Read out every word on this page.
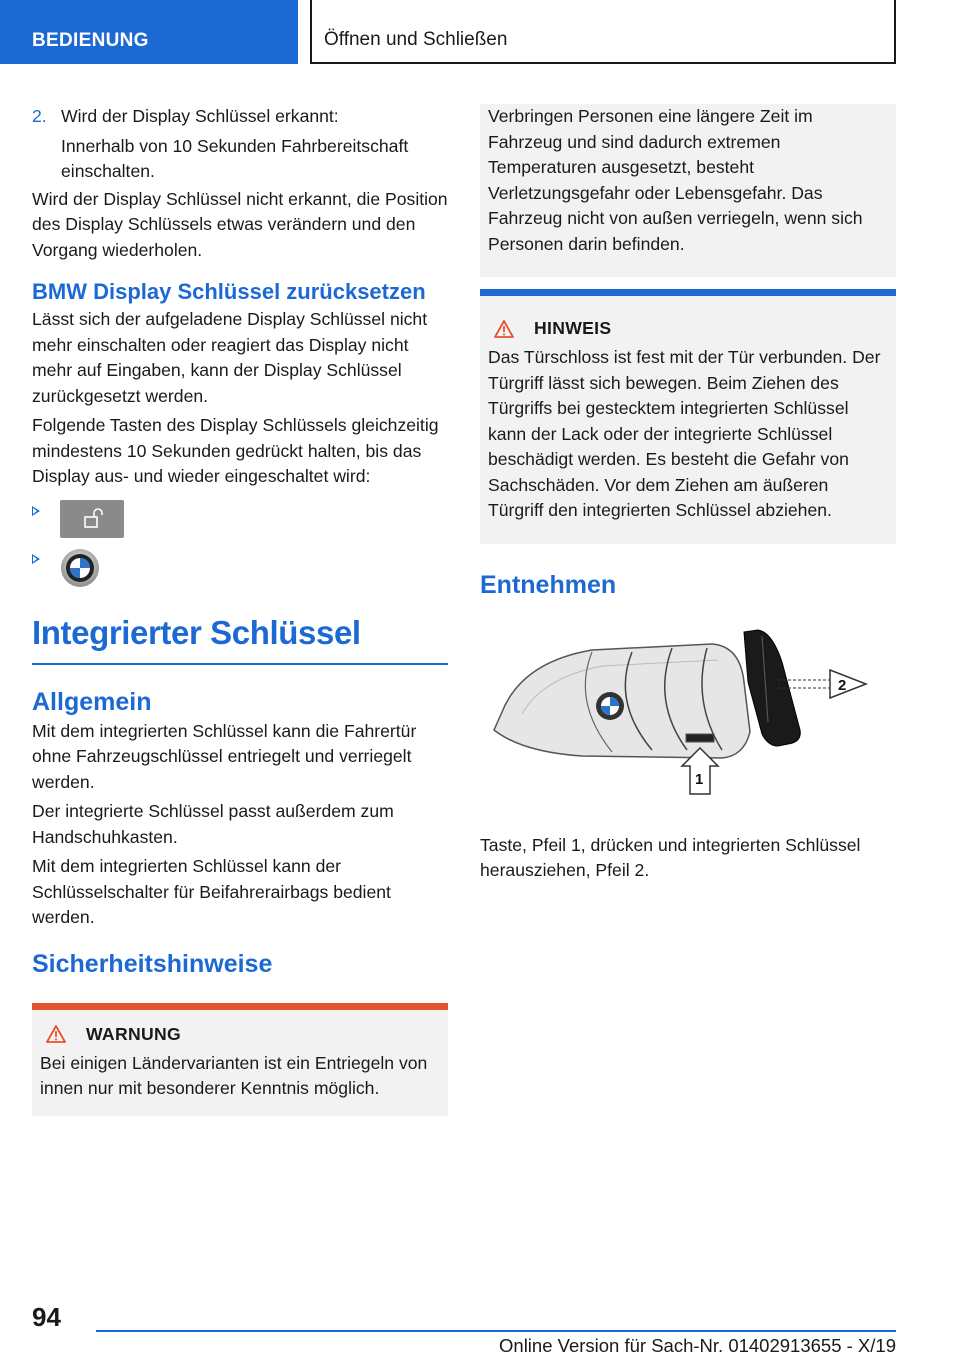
BEDIENUNG	Öffnen und Schließen
2. Wird der Display Schlüssel erkannt:
Innerhalb von 10 Sekunden Fahrbereitschaft einschalten.

Wird der Display Schlüssel nicht erkannt, die Position des Display Schlüssels etwas verändern und den Vorgang wiederholen.

BMW Display Schlüssel zurücksetzen

Lässt sich der aufgeladene Display Schlüssel nicht mehr einschalten oder reagiert das Display nicht mehr auf Eingaben, kann der Display Schlüssel zurückgesetzt werden.

Folgende Tasten des Display Schlüssels gleichzeitig mindestens 10 Sekunden gedrückt halten, bis das Display aus- und wieder eingeschaltet wird:

Integrierter Schlüssel
Allgemein

Mit dem integrierten Schlüssel kann die Fahrertür ohne Fahrzeugschlüssel entriegelt und verriegelt werden.

Der integrierte Schlüssel passt außerdem zum Handschuhkasten.

Mit dem integrierten Schlüssel kann der Schlüsselschalter für Beifahrerairbags bedient werden.

Sicherheitshinweise
WARNUNG

Bei einigen Ländervarianten ist ein Entriegeln von innen nur mit besonderer Kenntnis möglich.

Verbringen Personen eine längere Zeit im Fahrzeug und sind dadurch extremen Temperaturen ausgesetzt, besteht Verletzungsgefahr oder Lebensgefahr. Das Fahrzeug nicht von außen verriegeln, wenn sich Personen darin befinden.

HINWEIS

Das Türschloss ist fest mit der Tür verbunden. Der Türgriff lässt sich bewegen. Beim Ziehen des Türgriffs bei gestecktem integrierten Schlüssel kann der Lack oder der integrierte Schlüssel beschädigt werden. Es besteht die Gefahr von Sachschäden. Vor dem Ziehen am äußeren Türgriff den integrierten Schlüssel abziehen.

Entnehmen
2
1

Taste, Pfeil 1, drücken und integrierten Schlüssel herausziehen, Pfeil 2.

94
Online Version für Sach-Nr. 01402913655 - X/19
